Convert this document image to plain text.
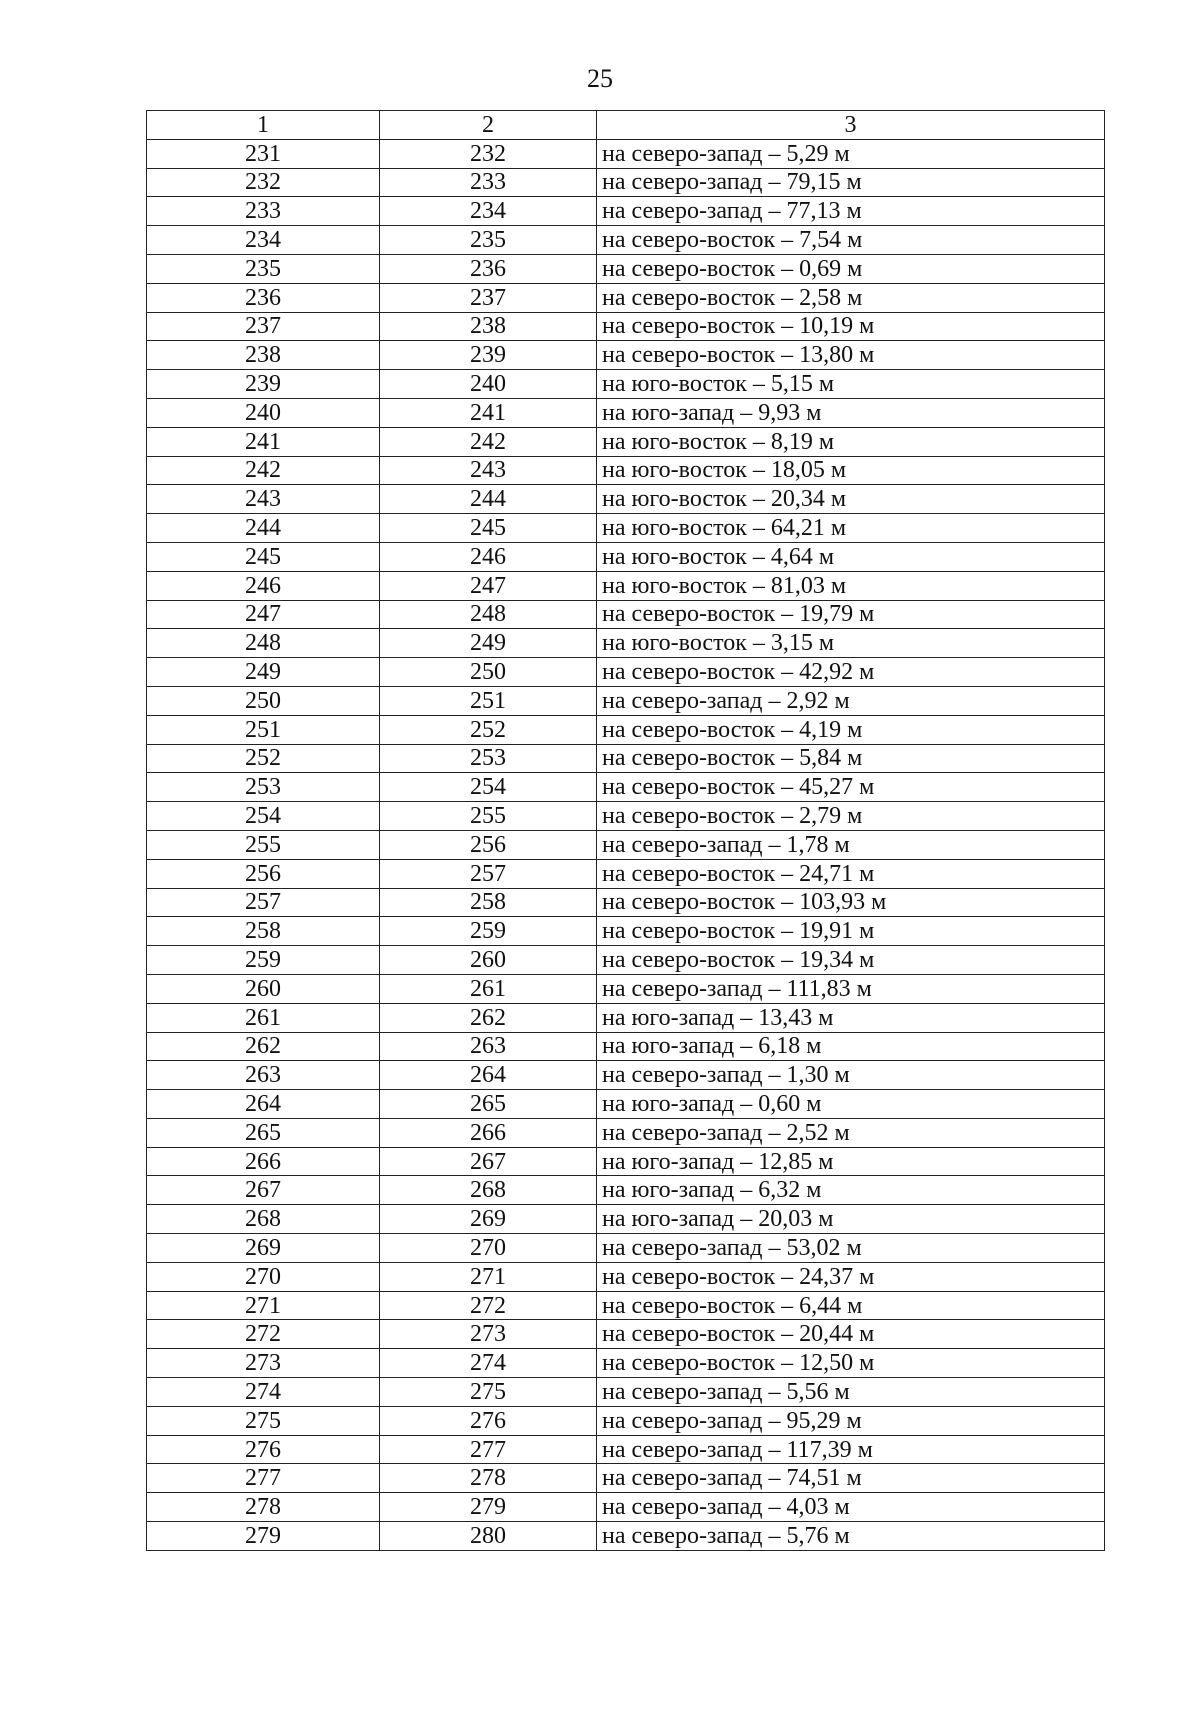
25
1	2	3
231	232	на северо-запад – 5,29 м
232	233	на северо-запад – 79,15 м
233	234	на северо-запад – 77,13 м
234	235	на северо-восток – 7,54 м
235	236	на северо-восток – 0,69 м
236	237	на северо-восток – 2,58 м
237	238	на северо-восток – 10,19 м
238	239	на северо-восток – 13,80 м
239	240	на юго-восток – 5,15 м
240	241	на юго-запад – 9,93 м
241	242	на юго-восток – 8,19 м
242	243	на юго-восток – 18,05 м
243	244	на юго-восток – 20,34 м
244	245	на юго-восток – 64,21 м
245	246	на юго-восток – 4,64 м
246	247	на юго-восток – 81,03 м
247	248	на северо-восток – 19,79 м
248	249	на юго-восток – 3,15 м
249	250	на северо-восток – 42,92 м
250	251	на северо-запад – 2,92 м
251	252	на северо-восток – 4,19 м
252	253	на северо-восток – 5,84 м
253	254	на северо-восток – 45,27 м
254	255	на северо-восток – 2,79 м
255	256	на северо-запад – 1,78 м
256	257	на северо-восток – 24,71 м
257	258	на северо-восток – 103,93 м
258	259	на северо-восток – 19,91 м
259	260	на северо-восток – 19,34 м
260	261	на северо-запад – 111,83 м
261	262	на юго-запад – 13,43 м
262	263	на юго-запад – 6,18 м
263	264	на северо-запад – 1,30 м
264	265	на юго-запад – 0,60 м
265	266	на северо-запад – 2,52 м
266	267	на юго-запад – 12,85 м
267	268	на юго-запад – 6,32 м
268	269	на юго-запад – 20,03 м
269	270	на северо-запад – 53,02 м
270	271	на северо-восток – 24,37 м
271	272	на северо-восток – 6,44 м
272	273	на северо-восток – 20,44 м
273	274	на северо-восток – 12,50 м
274	275	на северо-запад – 5,56 м
275	276	на северо-запад – 95,29 м
276	277	на северо-запад – 117,39 м
277	278	на северо-запад – 74,51 м
278	279	на северо-запад – 4,03 м
279	280	на северо-запад – 5,76 м
